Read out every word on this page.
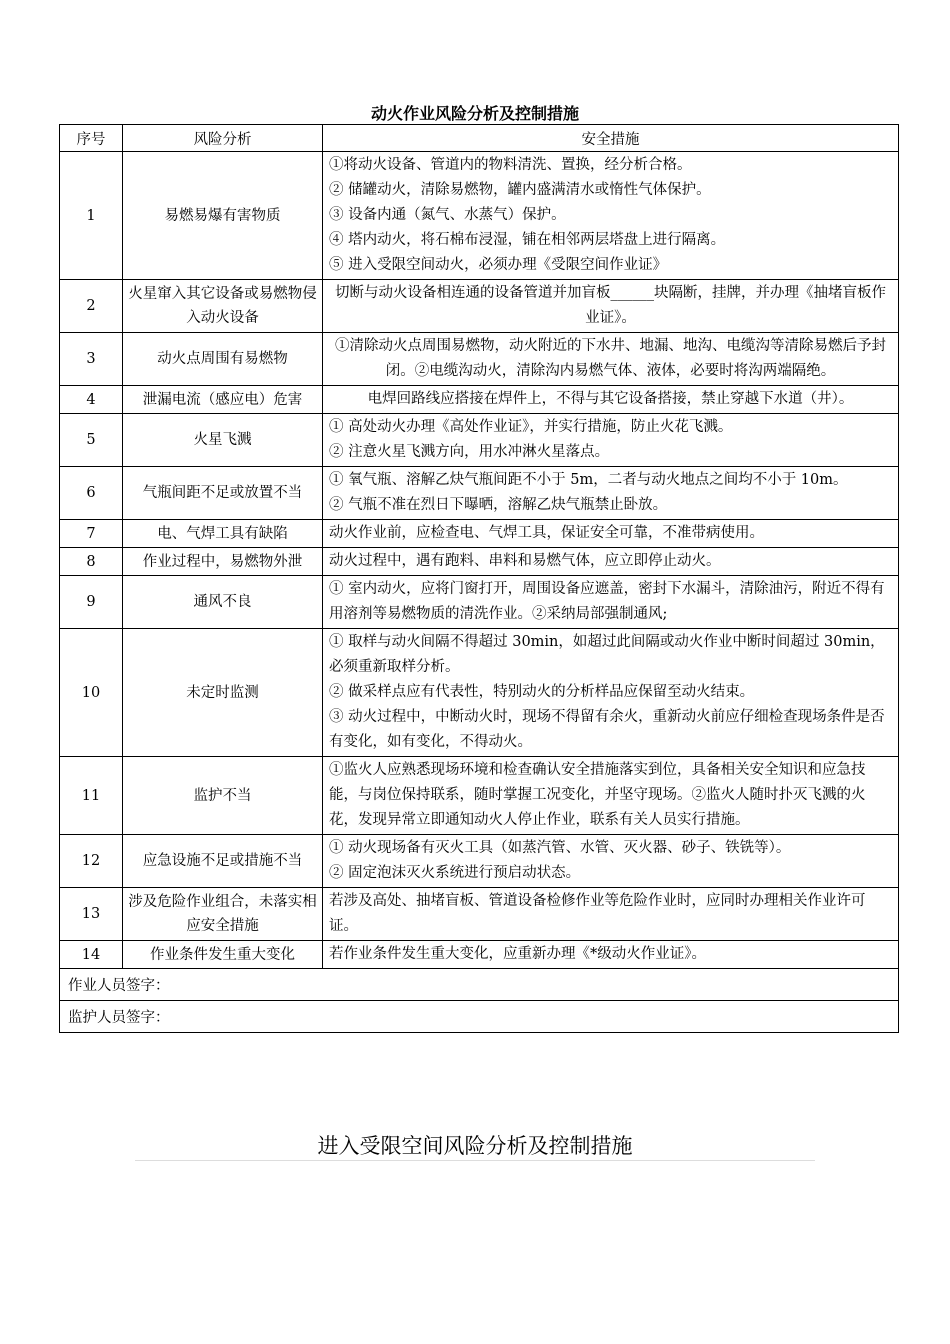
动火作业风险分析及控制措施
序号	风险分析	安全措施
1	易燃易爆有害物质	①将动火设备、管道内的物料清洗、置换，经分析合格。
② 储罐动火，清除易燃物，罐内盛满清水或惰性气体保护。
③ 设备内通（氮气、水蒸气）保护。
④ 塔内动火，将石棉布浸湿，铺在相邻两层塔盘上进行隔离。
⑤ 进入受限空间动火，必须办理《受限空间作业证》

2	火星窜入其它设备或易燃物侵入动火设备	切断与动火设备相连通的设备管道并加盲板______块隔断，挂牌，并办理《抽堵盲板作业证》。

3	动火点周围有易燃物	①清除动火点周围易燃物，动火附近的下水井、地漏、地沟、电缆沟等清除易燃后予封闭。②电缆沟动火，清除沟内易燃气体、液体，必要时将沟两端隔绝。

4	泄漏电流（感应电）危害	电焊回路线应搭接在焊件上，不得与其它设备搭接，禁止穿越下水道（井）。

5	火星飞溅	① 高处动火办理《高处作业证》，并实行措施，防止火花飞溅。
② 注意火星飞溅方向，用水冲淋火星落点。

6	气瓶间距不足或放置不当	① 氧气瓶、溶解乙炔气瓶间距不小于 5m，二者与动火地点之间均不小于 10m。
② 气瓶不准在烈日下曝晒，溶解乙炔气瓶禁止卧放。

7	电、气焊工具有缺陷	动火作业前，应检查电、气焊工具，保证安全可靠，不准带病使用。

8	作业过程中，易燃物外泄	动火过程中，遇有跑料、串料和易燃气体，应立即停止动火。

9	通风不良	① 室内动火，应将门窗打开，周围设备应遮盖，密封下水漏斗，清除油污，附近不得有用溶剂等易燃物质的清洗作业。②采纳局部强制通风;

10	未定时监测	① 取样与动火间隔不得超过 30min，如超过此间隔或动火作业中断时间超过 30min，必须重新取样分析。
② 做采样点应有代表性，特别动火的分析样品应保留至动火结束。
③ 动火过程中，中断动火时，现场不得留有余火，重新动火前应仔细检查现场条件是否有变化，如有变化，不得动火。

11	监护不当	①监火人应熟悉现场环境和检查确认安全措施落实到位，具备相关安全知识和应急技能，与岗位保持联系，随时掌握工况变化，并坚守现场。②监火人随时扑灭飞溅的火花，发现异常立即通知动火人停止作业，联系有关人员实行措施。

12	应急设施不足或措施不当	① 动火现场备有灭火工具（如蒸汽管、水管、灭火器、砂子、铁铣等）。
② 固定泡沫灭火系统进行预启动状态。

13	涉及危险作业组合，未落实相应安全措施	若涉及高处、抽堵盲板、管道设备检修作业等危险作业时，应同时办理相关作业许可证。

14	作业条件发生重大变化	若作业条件发生重大变化，应重新办理《*级动火作业证》。

作业人员签字：		
监护人员签字：		
进入受限空间风险分析及控制措施
